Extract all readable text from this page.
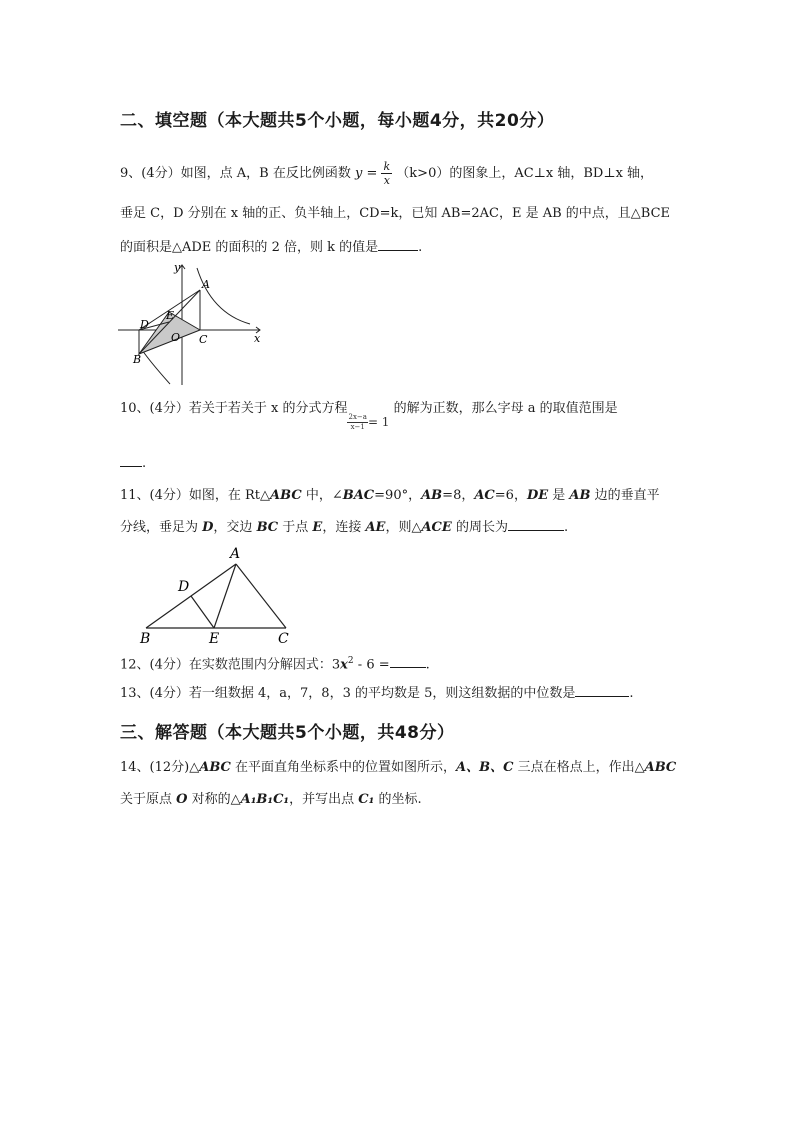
二、填空题（本大题共5个小题，每小题4分，共20分）
9、(4分）如图，点 A，B 在反比例函数 $y = \frac{k}{x} (k>0)$的图象上，AC⊥x 轴，BD⊥x 轴，
垂足 C，D 分别在 x 轴的正、负半轴上，CD=k，已知 AB=2AC，E 是 AB 的中点，且△BCE
的面积是△ADE 的面积的 2 倍，则 k 的值是	.
y
x
A
D
E
O C
B
10、(4分）若关于若关于 x 的分式方程
$\frac{2x-a}{x-1} = 1$ 的解为正数，那么字母 a 的取值范围是
.
11、(4分）如图，在 Rt△ABC 中，∠BAC=90°，AB=8，AC=6，DE 是 AB 边的垂直平
分线，垂足为 D，交边 BC 于点 E，连接 AE，则△ACE 的周长为	.
A
D
B	E	C
12、(4分）在实数范围内分解因式：$3x^2 - 6$ =	.
13、(4分）若一组数据 4，a，7，8，3 的平均数是 5，则这组数据的中位数是	.
三、解答题（本大题共5个小题，共48分）
14、(12分)△ABC 在平面直角坐标系中的位置如图所示，A、B、C 三点在格点上，作出△ABC
关于原点 O 对称的△A₁B₁C₁，并写出点 C₁ 的坐标.
